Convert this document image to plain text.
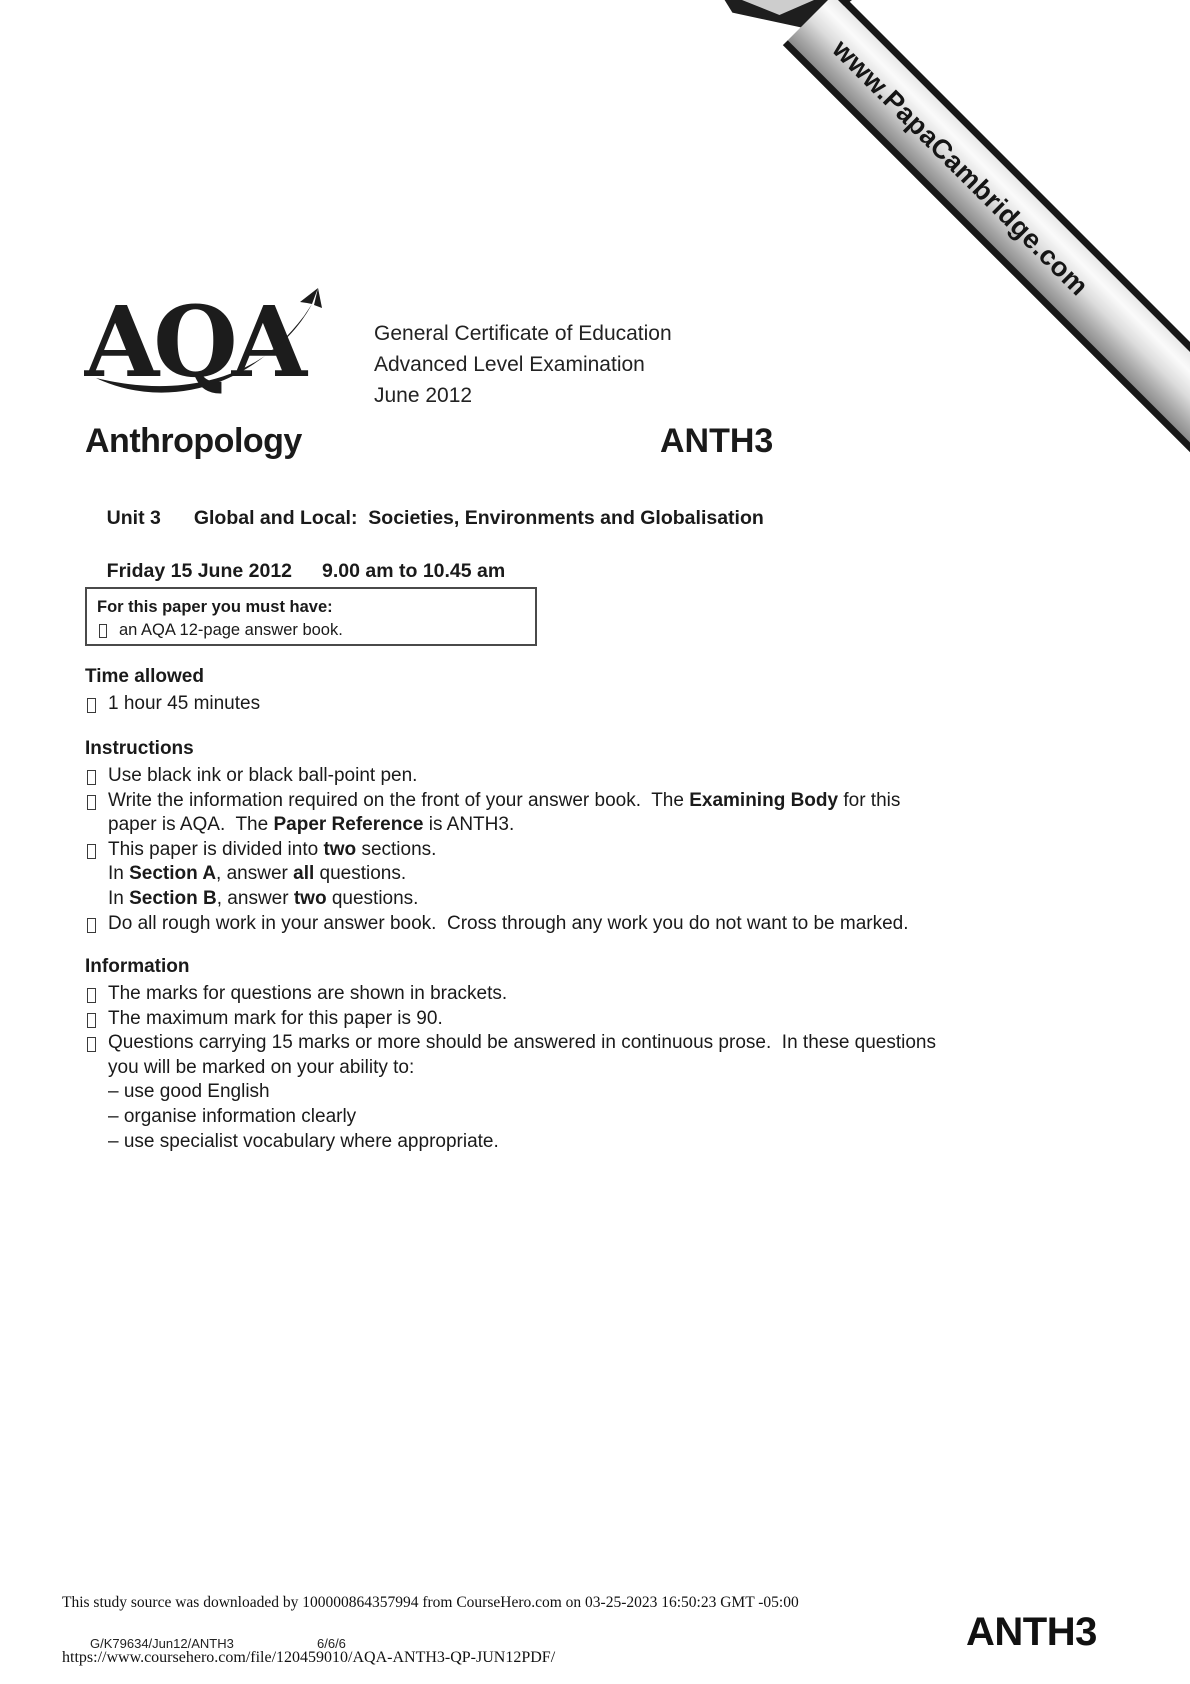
www.PapaCambridge.com
AQA	General Certificate of Education
Advanced Level Examination
June 2012
Anthropology	ANTH3

Unit 3 Global and Local:  Societies, Environments and Globalisation

Friday 15 June 2012 9.00 am to 10.45 am

For this paper you must have:
an AQA 12-page answer book.
Time allowed
1 hour 45 minutes
Instructions
Use black ink or black ball-point pen.
Write the information required on the front of your answer book.  The Examining Body for this
paper is AQA.  The Paper Reference is ANTH3.
This paper is divided into two sections.
In Section A, answer all questions.
In Section B, answer two questions.
Do all rough work in your answer book.  Cross through any work you do not want to be marked.
Information
The marks for questions are shown in brackets.
The maximum mark for this paper is 90.
Questions carrying 15 marks or more should be answered in continuous prose.  In these questions
you will be marked on your ability to:
– use good English
– organise information clearly
– use specialist vocabulary where appropriate.
This study source was downloaded by 100000864357994 from CourseHero.com on 03-25-2023 16:50:23 GMT -05:00
G/K79634/Jun12/ANTH3	6/6/6
https://www.coursehero.com/file/120459010/AQA-ANTH3-QP-JUN12PDF/
ANTH3
